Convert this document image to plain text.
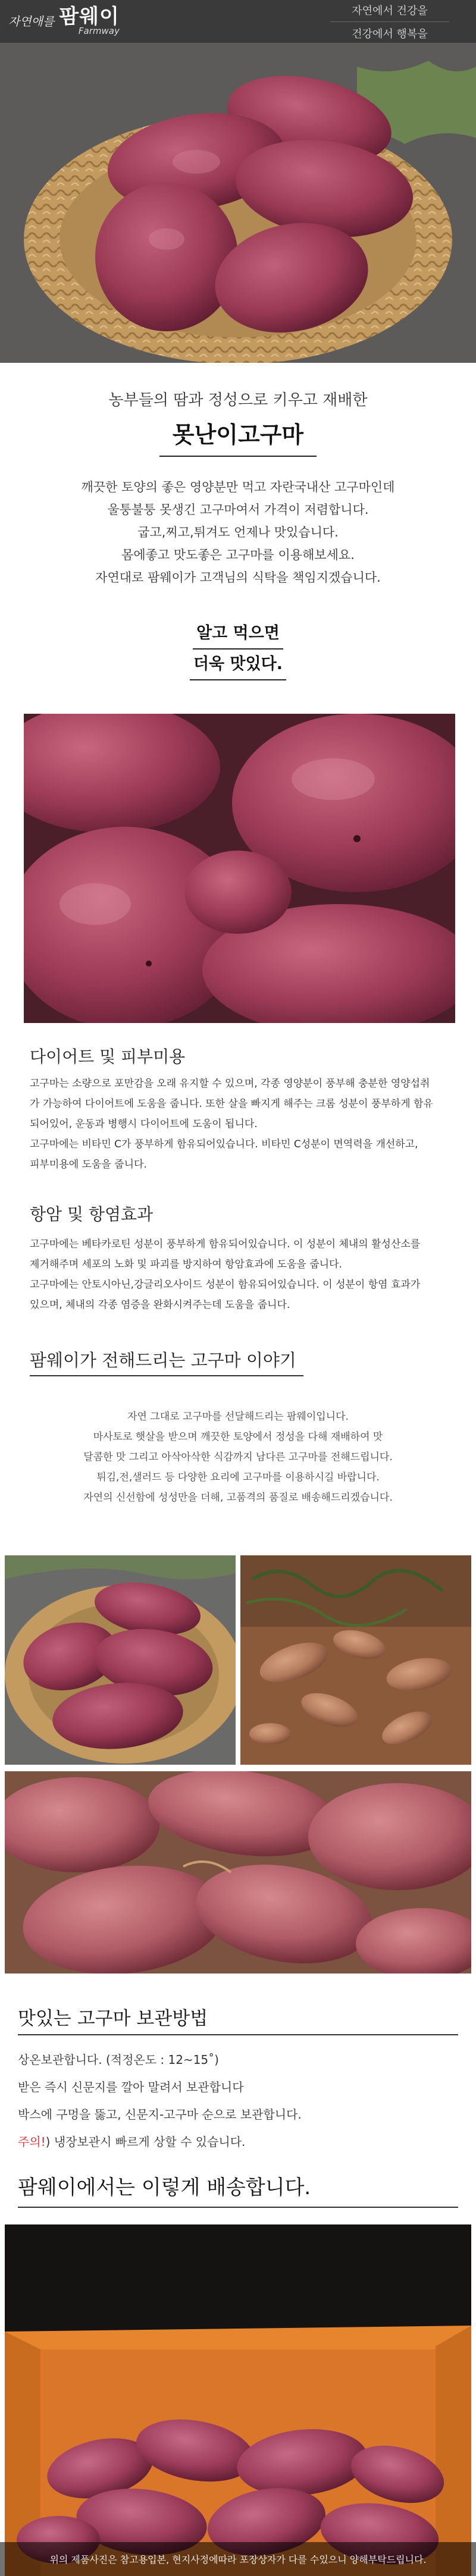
자연애를 팜웨이
Farmway
자연에서 건강을
건강에서 행복을
농부들의 땀과 정성으로 키우고 재배한
못난이고구마
깨끗한 토양의 좋은 영양분만 먹고 자란국내산 고구마인데
울퉁불퉁 못생긴 고구마여서 가격이 저렴합니다.
굽고,찌고,튀겨도 언제나 맛있습니다.
몸에좋고 맛도좋은 고구마를 이용해보세요.
자연대로 팜웨이가 고객님의 식탁을 책임지겠습니다.
알고 먹으면
더욱 맛있다.
다이어트 및 피부미용
고구마는 소량으로 포만감을 오래 유지할 수 있으며, 각종 영양분이 풍부해 충분한 영양섭취
가 가능하여 다이어트에 도움을 줍니다. 또한 살을 빠지게 해주는 크롬 성분이 풍부하게 함유
되어있어, 운동과 병행시 다이어트에 도움이 됩니다.
고구마에는 비타민 C가 풍부하게 함유되어있습니다. 비타민 C성분이 면역력을 개선하고,
피부미용에 도움을 줍니다.
항암 및 항염효과
고구마에는 베타카로틴 성분이 풍부하게 함유되어있습니다. 이 성분이 체내의 활성산소를
제거해주며 세포의 노화 및 파괴를 방지하여 항암효과에 도움을 줍니다.
고구마에는 안토시아닌,강글리오사이드 성분이 함유되어있습니다. 이 성분이 항염 효과가
있으며, 체내의 각종 염증을 완화시켜주는데 도움을 줍니다.
팜웨이가 전해드리는 고구마 이야기
자연 그대로 고구마를 선달해드리는 팜웨이입니다.
마사토로 햇살을 받으며 깨끗한 토양에서 정성을 다해 재배하여 맛
달콤한 맛 그리고 아삭아삭한 식감까지 남다른 고구마를 전해드립니다.
튀김,전,샐러드 등 다양한 요리에 고구마를 이용하시길 바랍니다.
자연의 신선함에 성성만을 더해, 고품격의 품질로 배송해드리겠습니다.
맛있는 고구마 보관방법
상온보관합니다. (적정온도 : 12~15˚)
받은 즉시 신문지를 깔아 말려서 보관합니다
박스에 구멍을 뚫고, 신문지-고구마 순으로 보관합니다.
주의!) 냉장보관시 빠르게 상할 수 있습니다.
팜웨이에서는 이렇게 배송합니다.
위의 제품사진은 참고용입본, 현지사정에따라 포장상자가 다를 수있으니 양해부탁드립니다.
